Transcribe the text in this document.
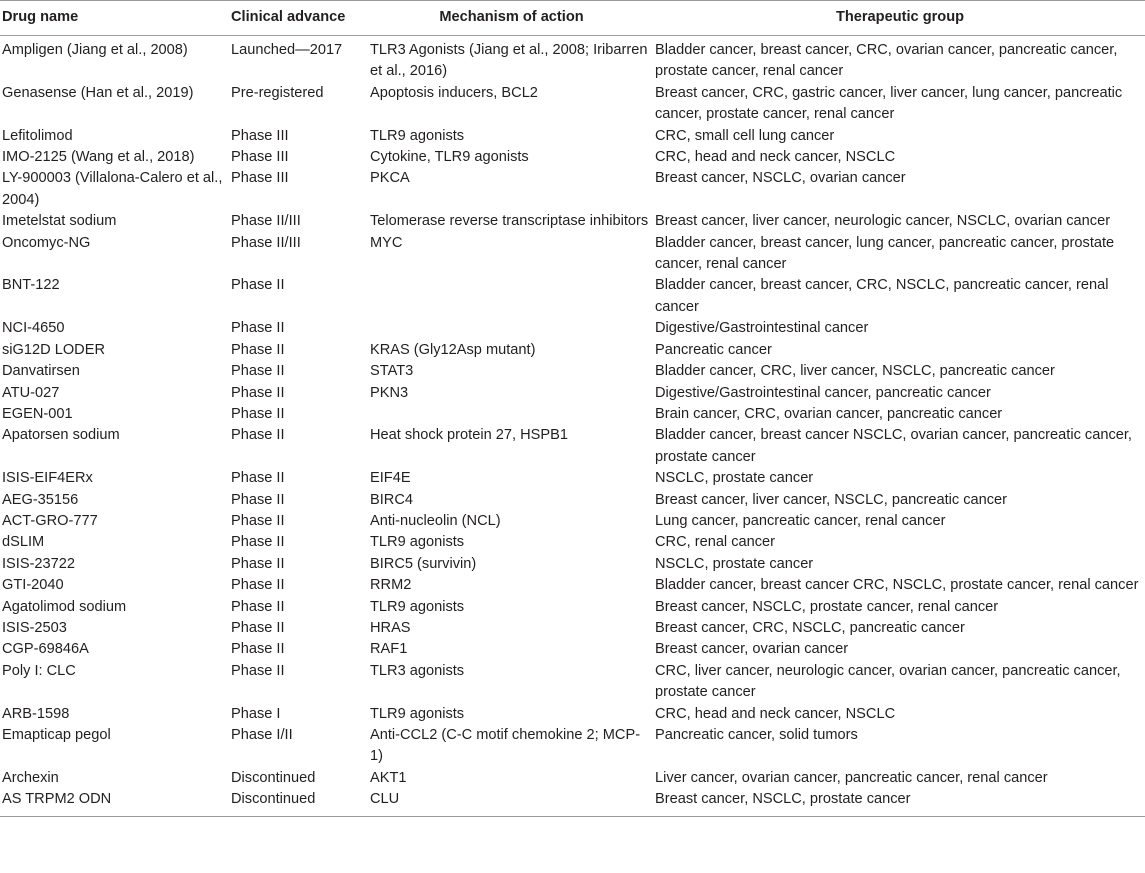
Drug name	Clinical advance	Mechanism of action	Therapeutic group
Ampligen (Jiang et al., 2008)	Launched—2017	TLR3 Agonists (Jiang et al., 2008; Iribarren et al., 2016)	Bladder cancer, breast cancer, CRC, ovarian cancer, pancreatic cancer, prostate cancer, renal cancer
Genasense (Han et al., 2019)	Pre-registered	Apoptosis inducers, BCL2	Breast cancer, CRC, gastric cancer, liver cancer, lung cancer, pancreatic cancer, prostate cancer, renal cancer
Lefitolimod	Phase III	TLR9 agonists	CRC, small cell lung cancer
IMO-2125 (Wang et al., 2018)	Phase III	Cytokine, TLR9 agonists	CRC, head and neck cancer, NSCLC
LY-900003 (Villalona-Calero et al., 2004)	Phase III	PKCA	Breast cancer, NSCLC, ovarian cancer
Imetelstat sodium	Phase II/III	Telomerase reverse transcriptase inhibitors	Breast cancer, liver cancer, neurologic cancer, NSCLC, ovarian cancer
Oncomyc-NG	Phase II/III	MYC	Bladder cancer, breast cancer, lung cancer, pancreatic cancer, prostate cancer, renal cancer
BNT-122	Phase II		Bladder cancer, breast cancer, CRC, NSCLC, pancreatic cancer, renal cancer
NCI-4650	Phase II		Digestive/Gastrointestinal cancer
siG12D LODER	Phase II	KRAS (Gly12Asp mutant)	Pancreatic cancer
Danvatirsen	Phase II	STAT3	Bladder cancer, CRC, liver cancer, NSCLC, pancreatic cancer
ATU-027	Phase II	PKN3	Digestive/Gastrointestinal cancer, pancreatic cancer
EGEN-001	Phase II		Brain cancer, CRC, ovarian cancer, pancreatic cancer
Apatorsen sodium	Phase II	Heat shock protein 27, HSPB1	Bladder cancer, breast cancer NSCLC, ovarian cancer, pancreatic cancer, prostate cancer
ISIS-EIF4ERx	Phase II	EIF4E	NSCLC, prostate cancer
AEG-35156	Phase II	BIRC4	Breast cancer, liver cancer, NSCLC, pancreatic cancer
ACT-GRO-777	Phase II	Anti-nucleolin (NCL)	Lung cancer, pancreatic cancer, renal cancer
dSLIM	Phase II	TLR9 agonists	CRC, renal cancer
ISIS-23722	Phase II	BIRC5 (survivin)	NSCLC, prostate cancer
GTI-2040	Phase II	RRM2	Bladder cancer, breast cancer CRC, NSCLC, prostate cancer, renal cancer
Agatolimod sodium	Phase II	TLR9 agonists	Breast cancer, NSCLC, prostate cancer, renal cancer
ISIS-2503	Phase II	HRAS	Breast cancer, CRC, NSCLC, pancreatic cancer
CGP-69846A	Phase II	RAF1	Breast cancer, ovarian cancer
Poly I: CLC	Phase II	TLR3 agonists	CRC, liver cancer, neurologic cancer, ovarian cancer, pancreatic cancer, prostate cancer
ARB-1598	Phase I	TLR9 agonists	CRC, head and neck cancer, NSCLC
Emapticap pegol	Phase I/II	Anti-CCL2 (C-C motif chemokine 2; MCP-1)	Pancreatic cancer, solid tumors
Archexin	Discontinued	AKT1	Liver cancer, ovarian cancer, pancreatic cancer, renal cancer
AS TRPM2 ODN	Discontinued	CLU	Breast cancer, NSCLC, prostate cancer
